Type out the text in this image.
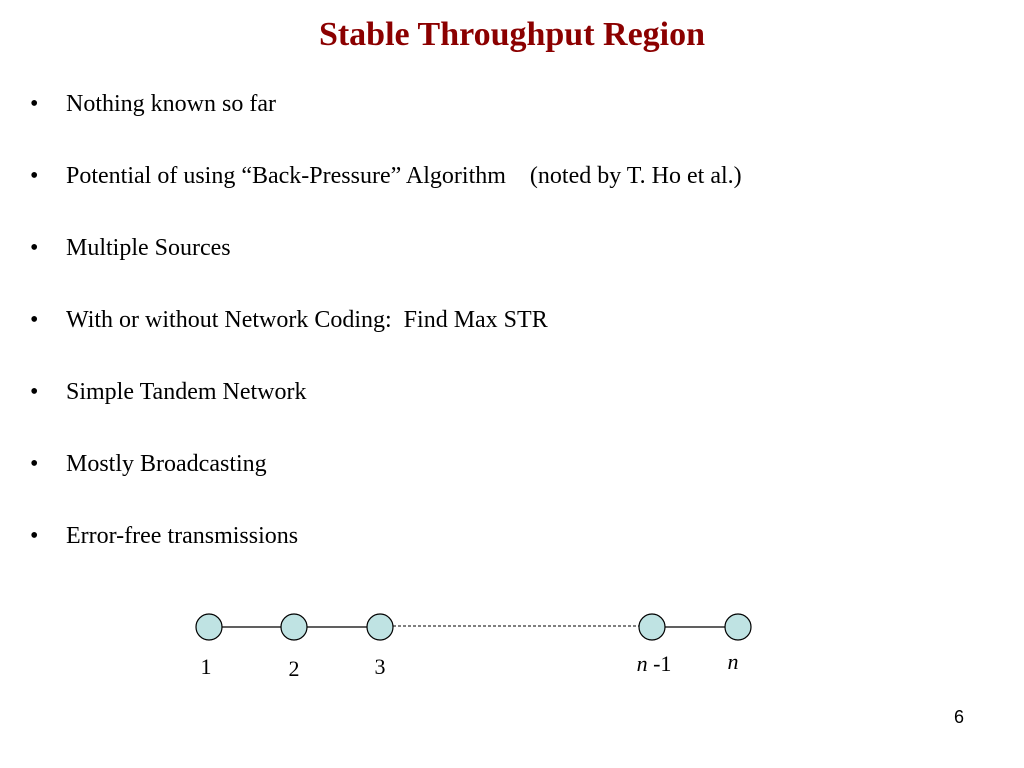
Stable Throughput Region

•

	Nothing known so far

•

	Potential of using “Back-Pressure” Algorithm    (noted by T. Ho et al.)

•

	Multiple Sources

•

	With or without Network Coding:  Find Max STR

•

	Simple Tandem Network

•

	Mostly Broadcasting

•

	Error-free transmissions

1	2	3	n -1	n
6
